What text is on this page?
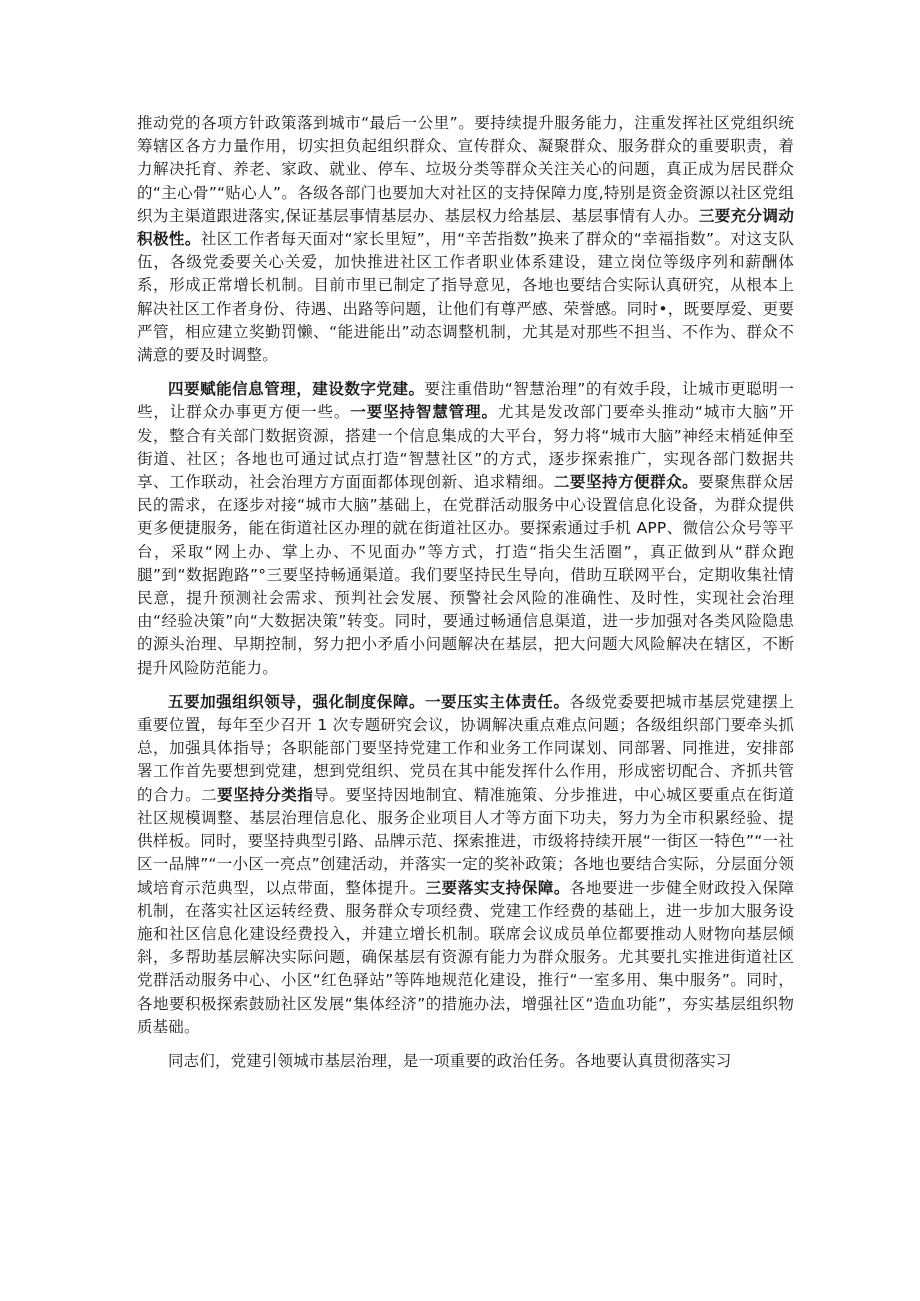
推动党的各项方针政策落到城市“最后一公里”。要持续提升服务能力，注重发挥社区党组织统筹辖区各方力量作用，切实担负起组织群众、宣传群众、凝聚群众、服务群众的重要职责，着力解决托育、养老、家政、就业、停车、垃圾分类等群众关注关心的问题，真正成为居民群众的“主心骨”“贴心人”。各级各部门也要加大对社区的支持保障力度,特别是资金资源以社区党组织为主渠道跟进落实,保证基层事情基层办、基层权力给基层、基层事情有人办。三要充分调动积极性。社区工作者每天面对“家长里短”，用“辛苦指数”换来了群众的“幸福指数”。对这支队伍，各级党委要关心关爱，加快推进社区工作者职业体系建设，建立岗位等级序列和薪酬体系，形成正常增长机制。目前市里已制定了指导意见，各地也要结合实际认真研究，从根本上解决社区工作者身份、待遇、出路等问题，让他们有尊严感、荣誉感。同时•，既要厚爱、更要严管，相应建立奖勤罚懒、“能进能出”动态调整机制，尤其是对那些不担当、不作为、群众不满意的要及时调整。

四要赋能信息管理，建设数字党建。要注重借助“智慧治理”的有效手段，让城市更聪明一些，让群众办事更方便一些。一要坚持智慧管理。尤其是发改部门要牵头推动“城市大脑”开发，整合有关部门数据资源，搭建一个信息集成的大平台，努力将“城市大脑”神经末梢延伸至街道、社区；各地也可通过试点打造“智慧社区”的方式，逐步探索推广，实现各部门数据共享、工作联动，社会治理方方面面都体现创新、追求精细。二要坚持方便群众。要聚焦群众居民的需求，在逐步对接“城市大脑”基础上，在党群活动服务中心设置信息化设备，为群众提供更多便捷服务，能在街道社区办理的就在街道社区办。要探索通过手机 APP、微信公众号等平台，采取“网上办、掌上办、不见面办”等方式，打造“指尖生活圈”，真正做到从“群众跑腿”到“数据跑路”°三要坚持畅通渠道。我们要坚持民生导向，借助互联网平台，定期收集社情民意，提升预测社会需求、预判社会发展、预警社会风险的准确性、及时性，实现社会治理由“经验决策”向“大数据决策”转变。同时，要通过畅通信息渠道，进一步加强对各类风险隐患的源头治理、早期控制，努力把小矛盾小问题解决在基层，把大问题大风险解决在辖区，不断提升风险防范能力。

五要加强组织领导，强化制度保障。一要压实主体责任。各级党委要把城市基层党建摆上重要位置，每年至少召开 1 次专题研究会议，协调解决重点难点问题；各级组织部门要牵头抓总，加强具体指导；各职能部门要坚持党建工作和业务工作同谋划、同部署、同推进，安排部署工作首先要想到党建，想到党组织、党员在其中能发挥什么作用，形成密切配合、齐抓共管的合力。二要坚持分类指导。要坚持因地制宜、精准施策、分步推进，中心城区要重点在街道社区规模调整、基层治理信息化、服务企业项目人才等方面下功夫，努力为全市积累经验、提供样板。同时，要坚持典型引路、品牌示范、探索推进，市级将持续开展“一街区一特色”“一社区一品牌”“一小区一亮点”创建活动，并落实一定的奖补政策；各地也要结合实际，分层面分领域培育示范典型，以点带面，整体提升。三要落实支持保障。各地要进一步健全财政投入保障机制，在落实社区运转经费、服务群众专项经费、党建工作经费的基础上，进一步加大服务设施和社区信息化建设经费投入，并建立增长机制。联席会议成员单位都要推动人财物向基层倾斜，多帮助基层解决实际问题，确保基层有资源有能力为群众服务。尤其要扎实推进街道社区党群活动服务中心、小区“红色驿站”等阵地规范化建设，推行“一室多用、集中服务”。同时，各地要积极探索鼓励社区发展“集体经济”的措施办法，增强社区“造血功能”，夯实基层组织物质基础。

同志们，党建引领城市基层治理，是一项重要的政治任务。各地要认真贯彻落实习
